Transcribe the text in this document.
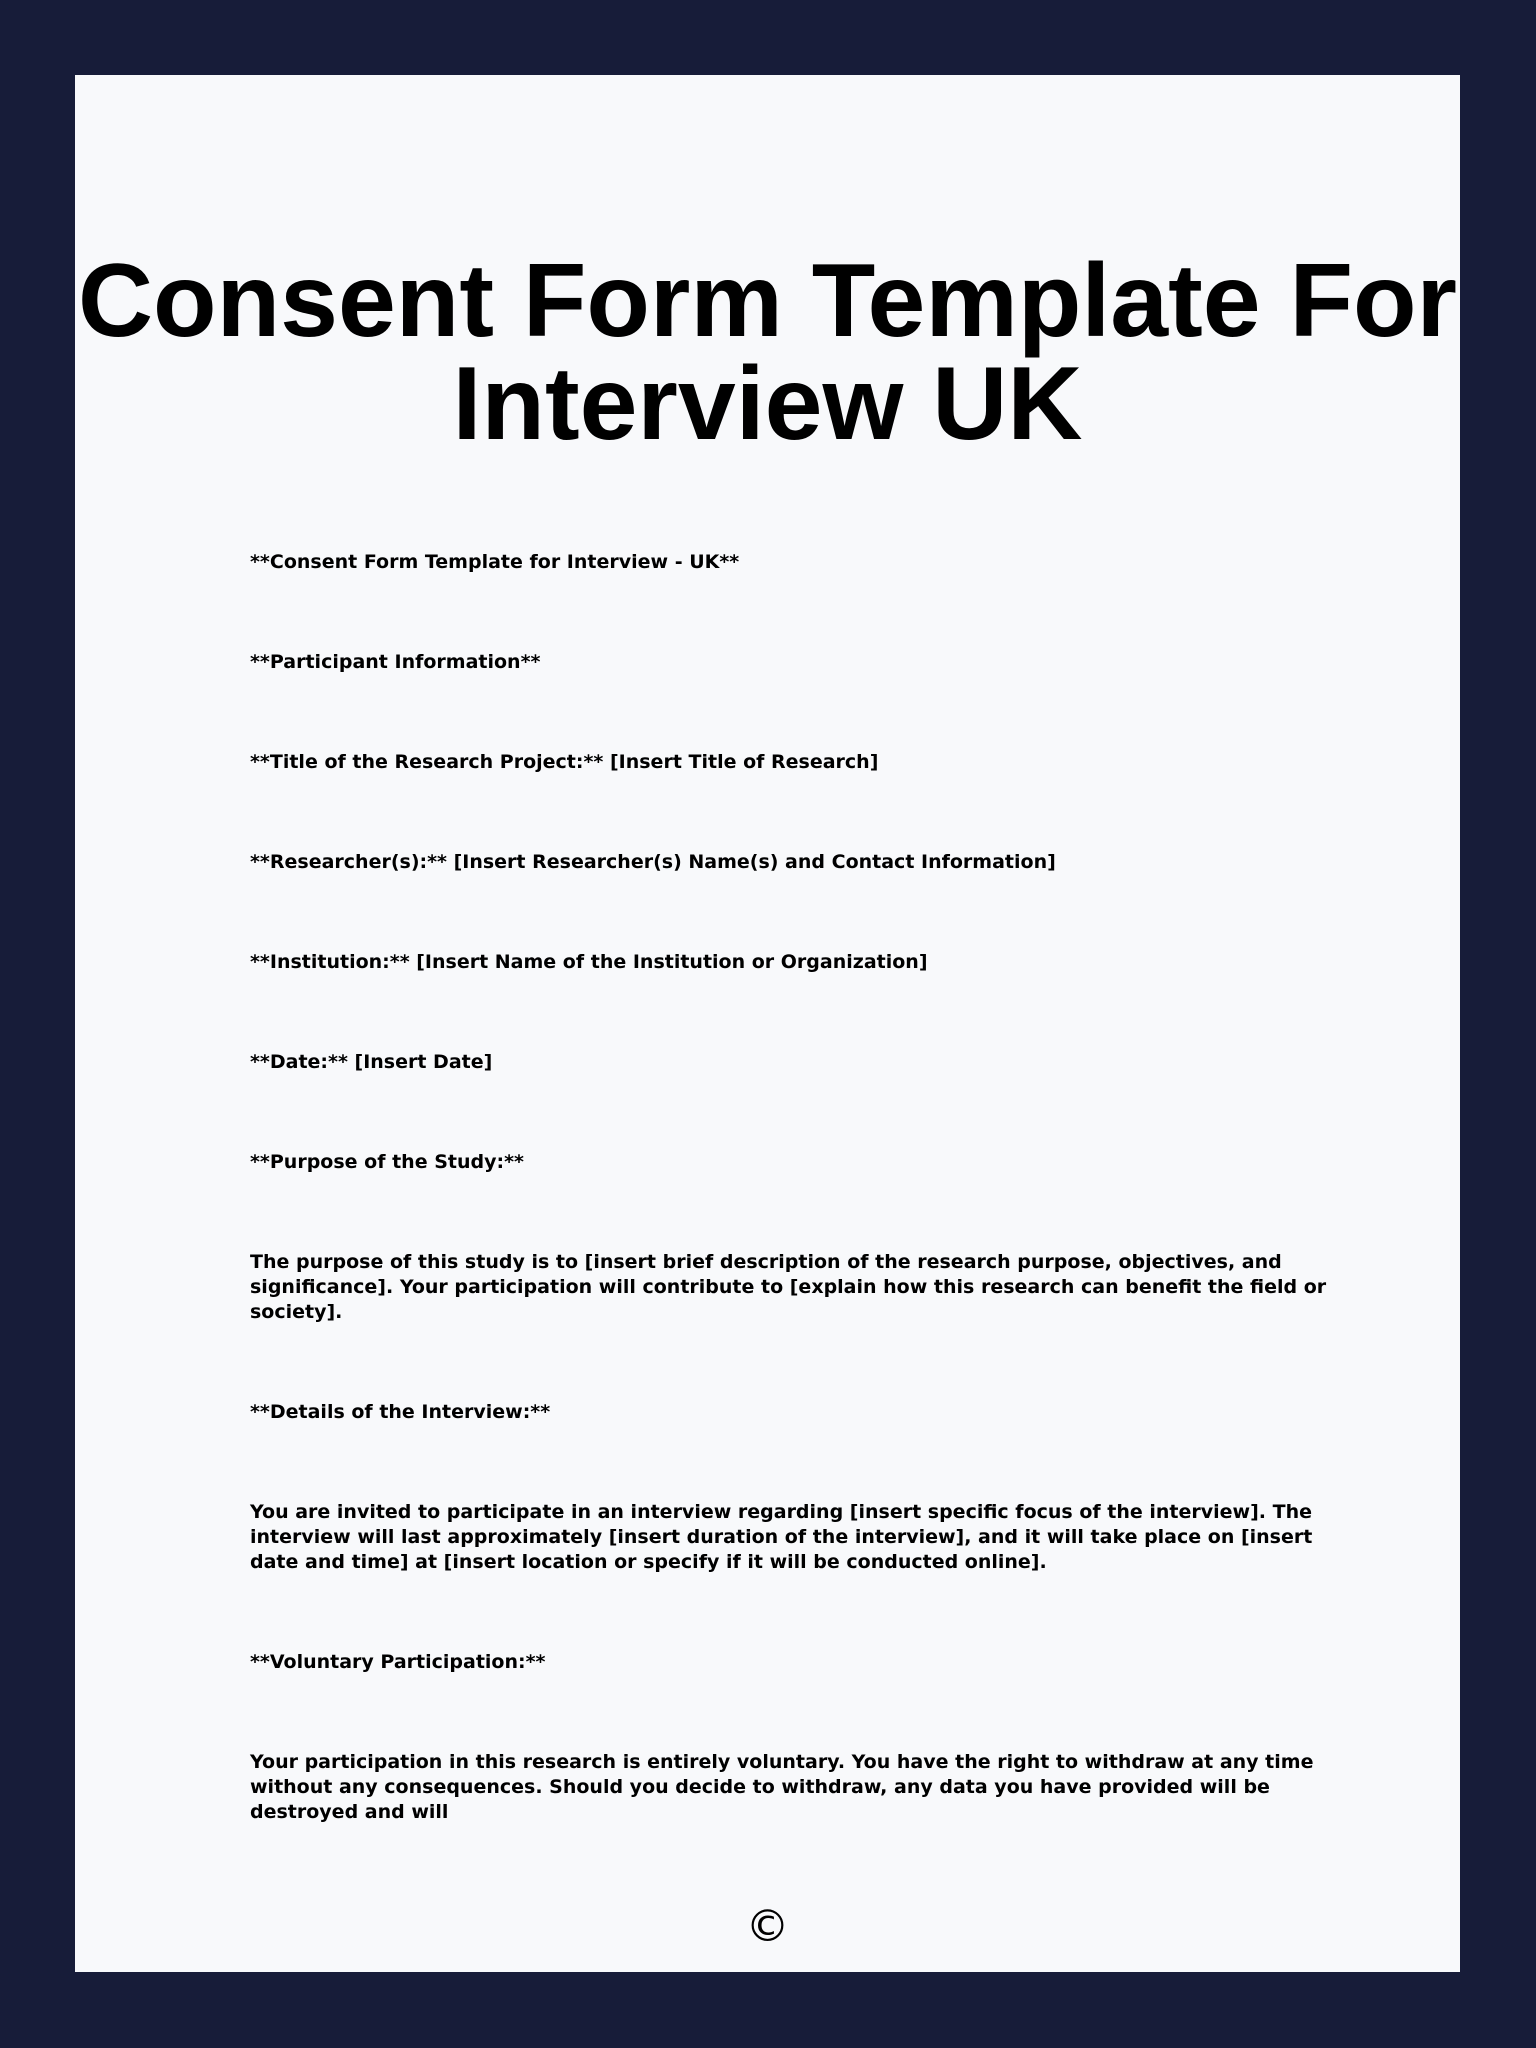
Consent Form Template For Interview UK

**Consent Form Template for Interview - UK**

**Participant Information**

**Title of the Research Project:** [Insert Title of Research]

**Researcher(s):** [Insert Researcher(s) Name(s) and Contact Information]

**Institution:** [Insert Name of the Institution or Organization]

**Date:** [Insert Date]

**Purpose of the Study:**

The purpose of this study is to [insert brief description of the research purpose, objectives, and significance]. Your participation will contribute to [explain how this research can benefit the field or society].

**Details of the Interview:**

You are invited to participate in an interview regarding [insert specific focus of the interview]. The interview will last approximately [insert duration of the interview], and it will take place on [insert date and time] at [insert location or specify if it will be conducted online].

**Voluntary Participation:**

Your participation in this research is entirely voluntary. You have the right to withdraw at any time without any consequences. Should you decide to withdraw, any data you have provided will be destroyed and will

©
